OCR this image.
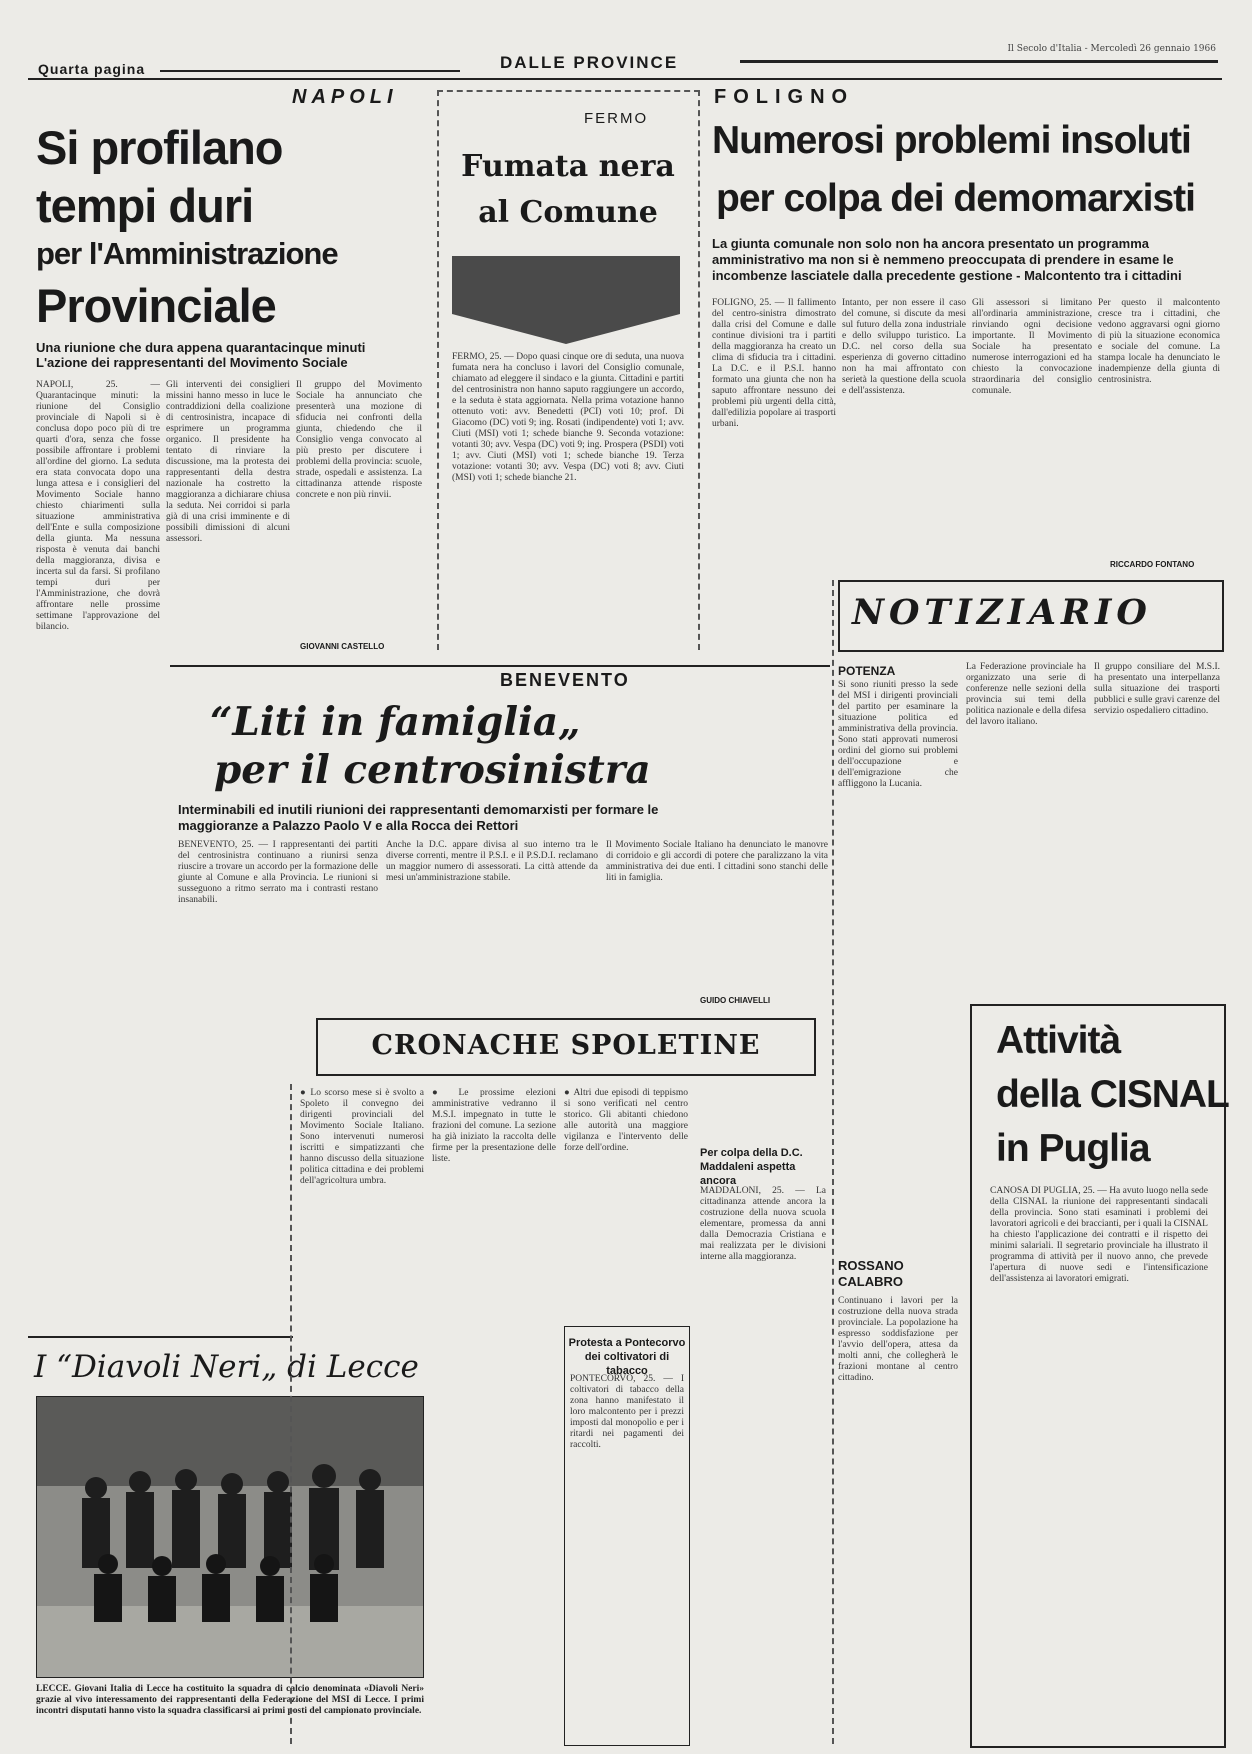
Quarta pagina	DALLE PROVINCE
Il Secolo d'Italia - Mercoledì 26 gennaio 1966
NAPOLI
Si profilano
tempi duri
per l'Amministrazione
Provinciale
Una riunione che dura appena quarantacinque minuti L'azione dei rappresentanti del Movimento Sociale
NAPOLI, 25. — Quarantacinque minuti: la riunione del Consiglio provinciale di Napoli si è conclusa dopo poco più di tre quarti d'ora, senza che fosse possibile affrontare i problemi all'ordine del giorno. La seduta era stata convocata dopo una lunga attesa e i consiglieri del Movimento Sociale hanno chiesto chiarimenti sulla situazione amministrativa dell'Ente e sulla composizione della giunta. Ma nessuna risposta è venuta dai banchi della maggioranza, divisa e incerta sul da farsi. Si profilano tempi duri per l'Amministrazione, che dovrà affrontare nelle prossime settimane l'approvazione del bilancio.
Gli interventi dei consiglieri missini hanno messo in luce le contraddizioni della coalizione di centrosinistra, incapace di esprimere un programma organico. Il presidente ha tentato di rinviare la discussione, ma la protesta dei rappresentanti della destra nazionale ha costretto la maggioranza a dichiarare chiusa la seduta. Nei corridoi si parla già di una crisi imminente e di possibili dimissioni di alcuni assessori.
Il gruppo del Movimento Sociale ha annunciato che presenterà una mozione di sfiducia nei confronti della giunta, chiedendo che il Consiglio venga convocato al più presto per discutere i problemi della provincia: scuole, strade, ospedali e assistenza. La cittadinanza attende risposte concrete e non più rinvii.
GIOVANNI CASTELLO
FERMO
Fumata nera
al Comune
FERMO, 25. — Dopo quasi cinque ore di seduta, una nuova fumata nera ha concluso i lavori del Consiglio comunale, chiamato ad eleggere il sindaco e la giunta. Cittadini e partiti del centrosinistra non hanno saputo raggiungere un accordo, e la seduta è stata aggiornata. Nella prima votazione hanno ottenuto voti: avv. Benedetti (PCI) voti 10; prof. Di Giacomo (DC) voti 9; ing. Rosati (indipendente) voti 1; avv. Ciuti (MSI) voti 1; schede bianche 9. Seconda votazione: votanti 30; avv. Vespa (DC) voti 9; ing. Prospera (PSDI) voti 1; avv. Ciuti (MSI) voti 1; schede bianche 19. Terza votazione: votanti 30; avv. Vespa (DC) voti 8; avv. Ciuti (MSI) voti 1; schede bianche 21.
FOLIGNO
Numerosi problemi insoluti
per colpa dei demomarxisti
La giunta comunale non solo non ha ancora presentato un programma amministrativo ma non si è nemmeno preoccupata di prendere in esame le incombenze lasciatele dalla precedente gestione - Malcontento tra i cittadini
FOLIGNO, 25. — Il fallimento del centro-sinistra dimostrato dalla crisi del Comune e dalle continue divisioni tra i partiti della maggioranza ha creato un clima di sfiducia tra i cittadini. La D.C. e il P.S.I. hanno formato una giunta che non ha saputo affrontare nessuno dei problemi più urgenti della città, dall'edilizia popolare ai trasporti urbani.
Intanto, per non essere il caso del comune, si discute da mesi sul futuro della zona industriale e dello sviluppo turistico. La D.C. nel corso della sua esperienza di governo cittadino non ha mai affrontato con serietà la questione della scuola e dell'assistenza.
Gli assessori si limitano all'ordinaria amministrazione, rinviando ogni decisione importante. Il Movimento Sociale ha presentato numerose interrogazioni ed ha chiesto la convocazione straordinaria del consiglio comunale.
Per questo il malcontento cresce tra i cittadini, che vedono aggravarsi ogni giorno di più la situazione economica e sociale del comune. La stampa locale ha denunciato le inadempienze della giunta di centrosinistra.
RICCARDO FONTANO
NOTIZIARIO
POTENZA
Si sono riuniti presso la sede del MSI i dirigenti provinciali del partito per esaminare la situazione politica ed amministrativa della provincia. Sono stati approvati numerosi ordini del giorno sui problemi dell'occupazione e dell'emigrazione che affliggono la Lucania.
ROSSANO CALABRO
Continuano i lavori per la costruzione della nuova strada provinciale. La popolazione ha espresso soddisfazione per l'avvio dell'opera, attesa da molti anni, che collegherà le frazioni montane al centro cittadino.
La Federazione provinciale ha organizzato una serie di conferenze nelle sezioni della provincia sui temi della politica nazionale e della difesa del lavoro italiano.
Il gruppo consiliare del M.S.I. ha presentato una interpellanza sulla situazione dei trasporti pubblici e sulle gravi carenze del servizio ospedaliero cittadino.
Attività
della CISNAL
in Puglia
CANOSA DI PUGLIA, 25. — Ha avuto luogo nella sede della CISNAL la riunione dei rappresentanti sindacali della provincia. Sono stati esaminati i problemi dei lavoratori agricoli e dei braccianti, per i quali la CISNAL ha chiesto l'applicazione dei contratti e il rispetto dei minimi salariali. Il segretario provinciale ha illustrato il programma di attività per il nuovo anno, che prevede l'apertura di nuove sedi e l'intensificazione dell'assistenza ai lavoratori emigrati.
BENEVENTO
“Liti in famiglia„
per il centrosinistra
Interminabili ed inutili riunioni dei rappresentanti demomarxisti per formare le maggioranze a Palazzo Paolo V e alla Rocca dei Rettori
BENEVENTO, 25. — I rappresentanti dei partiti del centrosinistra continuano a riunirsi senza riuscire a trovare un accordo per la formazione delle giunte al Comune e alla Provincia. Le riunioni si susseguono a ritmo serrato ma i contrasti restano insanabili.
Anche la D.C. appare divisa al suo interno tra le diverse correnti, mentre il P.S.I. e il P.S.D.I. reclamano un maggior numero di assessorati. La città attende da mesi un'amministrazione stabile.
Il Movimento Sociale Italiano ha denunciato le manovre di corridoio e gli accordi di potere che paralizzano la vita amministrativa dei due enti. I cittadini sono stanchi delle liti in famiglia.
GUIDO CHIAVELLI
CRONACHE SPOLETINE
● Lo scorso mese si è svolto a Spoleto il convegno dei dirigenti provinciali del Movimento Sociale Italiano. Sono intervenuti numerosi iscritti e simpatizzanti che hanno discusso della situazione politica cittadina e dei problemi dell'agricoltura umbra.
● Le prossime elezioni amministrative vedranno il M.S.I. impegnato in tutte le frazioni del comune. La sezione ha già iniziato la raccolta delle firme per la presentazione delle liste.
● Altri due episodi di teppismo si sono verificati nel centro storico. Gli abitanti chiedono alle autorità una maggiore vigilanza e l'intervento delle forze dell'ordine.
Protesta a Pontecorvo dei coltivatori di tabacco
PONTECORVO, 25. — I coltivatori di tabacco della zona hanno manifestato il loro malcontento per i prezzi imposti dal monopolio e per i ritardi nei pagamenti dei raccolti.
Per colpa della D.C. Maddaleni aspetta ancora
MADDALONI, 25. — La cittadinanza attende ancora la costruzione della nuova scuola elementare, promessa da anni dalla Democrazia Cristiana e mai realizzata per le divisioni interne alla maggioranza.
I “Diavoli Neri„ di Lecce
LECCE. Giovani Italia di Lecce ha costituito la squadra di calcio denominata «Diavoli Neri» grazie al vivo interessamento dei rappresentanti della Federazione del MSI di Lecce. I primi incontri disputati hanno visto la squadra classificarsi ai primi posti del campionato provinciale.
